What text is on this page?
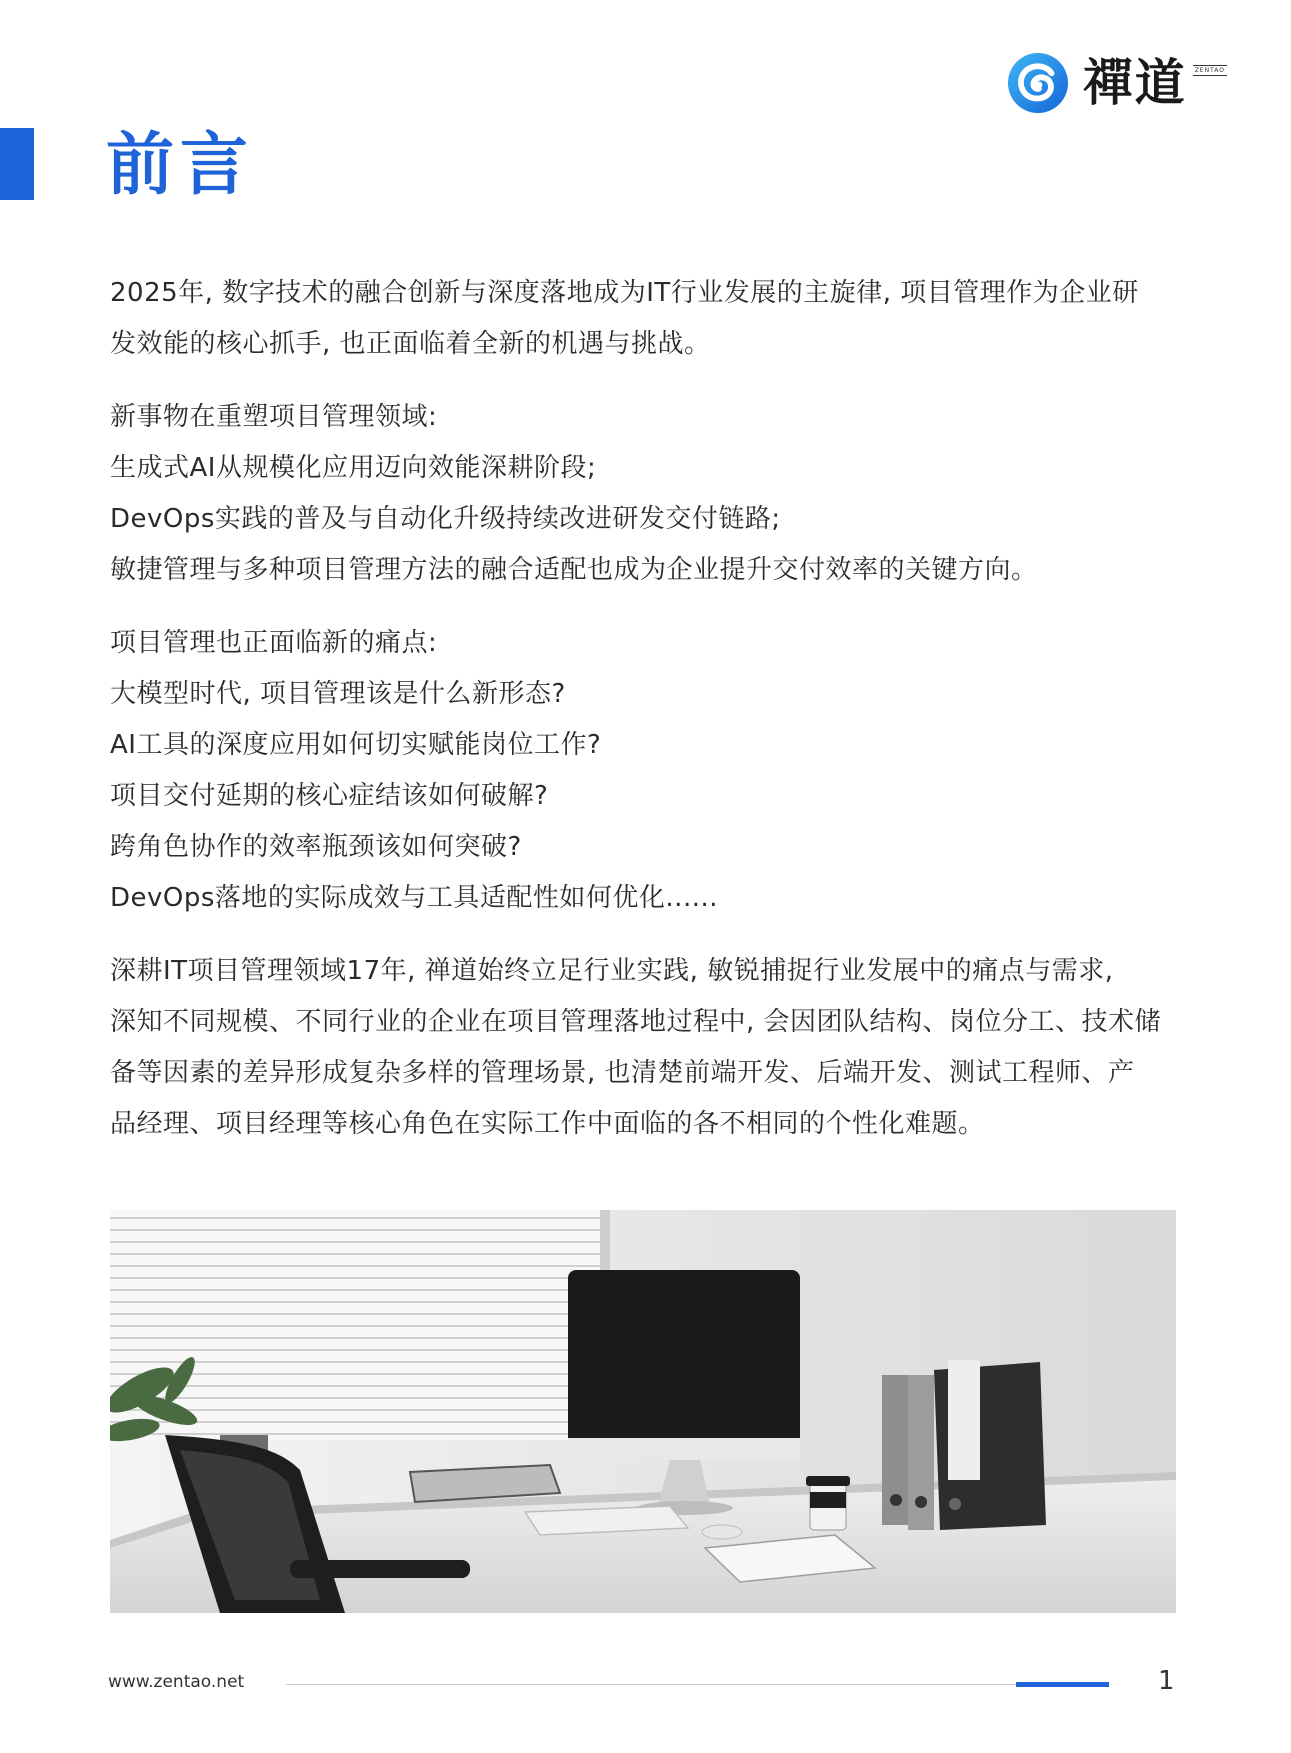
禪道	ZENTAO
前言
2025年, 数字技术的融合创新与深度落地成为IT行业发展的主旋律, 项目管理作为企业研
发效能的核心抓手, 也正面临着全新的机遇与挑战。
新事物在重塑项目管理领域:
生成式AI从规模化应用迈向效能深耕阶段;
DevOps实践的普及与自动化升级持续改进研发交付链路;
敏捷管理与多种项目管理方法的融合适配也成为企业提升交付效率的关键方向。
项目管理也正面临新的痛点:
大模型时代, 项目管理该是什么新形态?
AI工具的深度应用如何切实赋能岗位工作?
项目交付延期的核心症结该如何破解?
跨角色协作的效率瓶颈该如何突破?
DevOps落地的实际成效与工具适配性如何优化......
深耕IT项目管理领域17年, 禅道始终立足行业实践, 敏锐捕捉行业发展中的痛点与需求,
深知不同规模、不同行业的企业在项目管理落地过程中, 会因团队结构、岗位分工、技术储
备等因素的差异形成复杂多样的管理场景, 也清楚前端开发、后端开发、测试工程师、产
品经理、项目经理等核心角色在实际工作中面临的各不相同的个性化难题。
www.zentao.net	1
